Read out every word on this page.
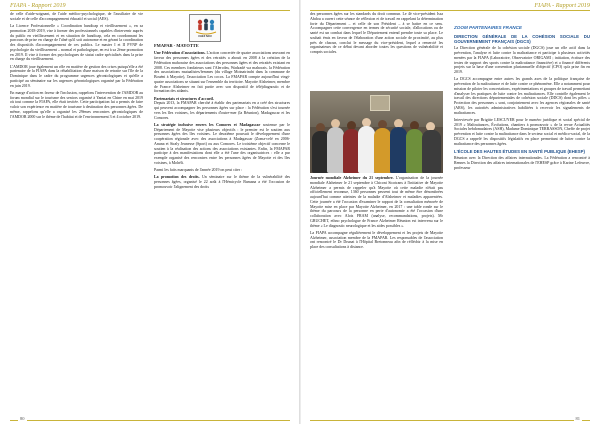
FIAPA - Rapport 2019

de celle d'aide-soignant, de l'aide médico-psychologique, de l'auxiliaire de vie sociale et de celle d'accompagnement éducatif et social (AES).

La Licence Professionnelle « Coordination handicap et vieillissement », en sa promotion 2018-2019, vise à former des professionnels capables d'intervenir auprès du public en vieillissement et en situation de handicap, cela en coordonnant les parcours de prise en charge de l'aîné qu'il soit autonome et en gérant la coordination des dispositifs d'accompagnement de ces publics. Le master I et II PVNP de psychologie du vieillissement – normal et pathologique, en est à sa 2ème promotion en 2019. Il vise à former des psychologues de statut cadre spécialisés dans la prise en charge du vieillissement.

L'AMDOR joue également un rôle en matière de gestion des crises puisqu'elle a été partenaire de la FIAPA dans la réhabilitation d'une maison de retraite sur l'île de la Dominique dans le cadre du programme urgences gérontologiques et qu'elle a participé au séminaire sur les urgences gérontologiques organisé par la Fédération en juin 2019.

En marge d'action en faveur de l'inclusion, rappelons l'intervention de l'AMDOR au forum mondial sur le tourisme des seniors organisé à Yantai en Chine en mai 2019 où tout comme la FIAPA, elle était invitée. Cette participation lui a permis de faire valoir son expérience en matière de tourisme à destination des personnes âgées. De même, rappelons qu'elle a organisé les 29èmes rencontres gérontologiques de l'AMDOR 2000 sur le thème de l'habitat et de l'environnement 3 et 4 octobre 2019.

CHEZ NOU

FMAPAR - MAYOTTE

Une Fédération d'associations. L'action concertée de quatre associations œuvrant en faveur des personnes âgées et des retraités a abouti en 2008 à la création de la Fédération mahoraise des associations des personnes âgées et des retraités existant en 2008. Ces membres fondateurs sont l'Alercdm, Wadzadé wa mahorais. la Fédération des associations mutualistes/femmes (du village Moinatrindri dans la commune de Bouéni à Mayotte), l'association Les cocos. La FMAPAR compte aujourd'hui vingt-quatre associations se situant sur l'ensemble du territoire. Mayotte Alzheimer, membre de France Alzheimer en fait partie avec son dispositif de téléjdiagnostic et de formation des aidants.

Partenariats et structures d'accueil.

Depuis 2013, la FMAPAR cherché à établir des partenariats en a créé des structures qui peuvent accompagner les personnes âgées sur place : la Fédération s'est tournée vers les îles voisines, les départements d'outre-mer (la Réunion), Madagascar et les Comores.

La stratégie inclusive envers les Comores et Madagascar soutenue par le Département de Mayotte vise plusieurs objectifs : le premier est le soutien aux personnes âgées des îles voisines. Le deuxième poursuit le développement d'une coopération régionale avec des associations à Madagascar (Zoma-celé en 2006- Anuna et Siraly Jeunesse (Sport) ou aux Comores. Le troisième objectif concerne le soutien à la réalisation des actions des associations existantes. Enfin, la FMAPAR participe à des manifestations dont elle a été l'une des organisatrices : elle a par exemple organisé des rencontres entre les personnes âgées de Mayotte et des îles voisines, à Mohéli.

Parmi les faits marquants de l'année 2019 on peut citer :

La promotion des droits. Un séminaire sur le thème de la vulnérabilité des personnes âgées, organisé le 22 août à l'Hémicycle Bamana a été l'occasion de promouvoir l'alignement des droits

80
FIAPA - Rapport 2019

des personnes âgées sur les standards du droit commun. Le 4è vice-président Issa Abdou a ouvert cette séance de réflexion et de travail en rappelant la détermination forte du Département – et celle de son Président – à se battre en ce sens. Accompagner cette convergence en termes de sécurité sociale, d'allocations ou de santé est un combat dans lequel le Département entend prendre toute sa place. Le souhait émis en faveur de l'élaboration d'une action sociale de proximité, au plus près de chacun, conclut le message du vice-président, lequel a remercié les organisateurs de ce débat devant aborder toutes les questions de vulnérabilité et compris sociales.

Journée mondiale Alzheimer du 21 septembre. L'organisation de la journée mondiale Alzheimer le 21 septembre à Chiconi Sicotrans à l'initiative de Mayotte Alzheimer a permis de rappeler qu'à Mayotte où cette maladie n'était pas officiellement reconnue, 1360 personnes peuvent tout de même être dénombrées aujourd'hui comme atteintes de la maladie d'Alzheimer et maladies apparentées. Cette journée a été l'occasion d'examiner le rapport de la consultation ménorée de Mayotte mise en place par Mayotte Alzheimer, en 2017 : une table ronde sur le thème du parcours de la personne en perte d'autonomie a été l'occasion d'une collaboration avec Alois FRAM (analyse, recommandations, projets). Mr GRUCHET, ethno psychologue de France Alzheimer Réunion est intervenu sur le thème « Le diagnostic neurologique et les aides possibles ».

La FIAPA accompagne régulièrement le développement et les projets de Mayotte Alzheimer, association membre de la FMAPAR. Les responsables de l'association ont rencontré le Dr Drunat à l'Hôpital Bretonneau afin de réfléchir à la mise en place des consultations à distance.

ZOOM PARTENAIRES FRANCE

DIRECTION GÉNÉRALE DE LA COHÉSION SOCIALE DU GOUVERNEMENT FRANÇAIS (DGCS)

La Direction générale de la cohésion sociale (DGCS) joue un rôle actif dans la prévention, l'analyse et lutte contre la maltraitance et participe à plusieurs activités menées par la FIAPA (Laboratoire, Observatoire ORIGAMI ; initiation, écriture des textes de support des sports contre la maltraitance financière) et a financé différents projets sur la base d'une convention pluriannuelle d'objectif (CPO) qu'a prise fin en 2019.

La DGCS accompagne entre autres les grands axes de la politique française de prévention de la maltraitance et de lutte contre ce phénomène. Elle a notamment pour mission de piloter les concertations, expérimentations et groupes de travail permettant d'analyser les pratiques de lutte contre les maltraitances. Elle contrôle également le travail des directions départementales de cohésion sociale (DDCS) dont les pôles « Protection des personnes » sont, conjointement avec les agences régionales de santé (ARS), les autorités administratives habilitées à recevoir les signalements de maltraitances.

Interviewée par Brigitte LESCUYER pour le numéro juridique et social spécial de 2019 « Maltraitances, Évolutions, chantiers à promouvoir » de la revue Actualités Sociales hebdomadaires (ASH), Madame Dominique TERRASSON, Cheffe de projet prévention et lutte contre la maltraitance dans le secteur social et médico-social, de la DGCS a rappelé les dispositifs législatifs en place permettant de lutter contre la maltraitance des personnes âgées.

L'ÉCOLE DES HAUTES ÉTUDES EN SANTÉ PUBLIQUE (EHESP)

Réunion avec la Direction des affaires internationales. La Fédération a rencontré à Rennes la Direction des affaires internationales de l'EHESP grâce à Karine Lefeuvre, professeur

81
